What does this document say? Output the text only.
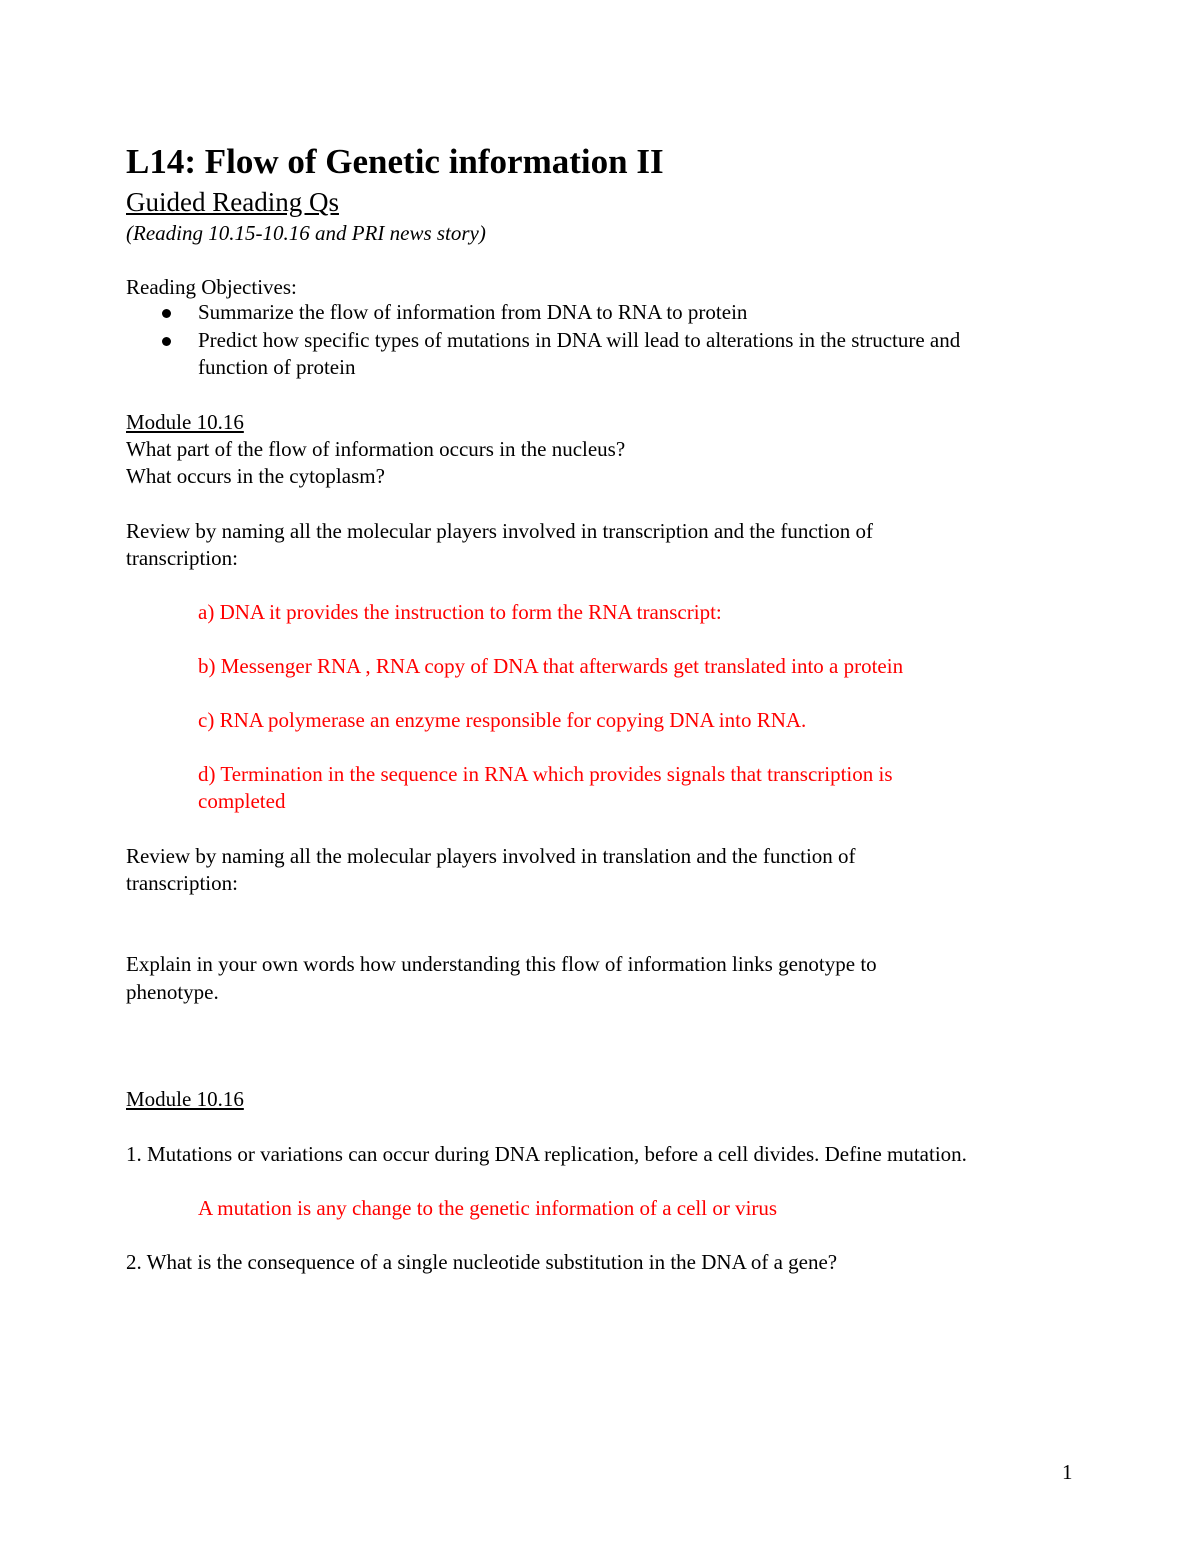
L14: Flow of Genetic information II
Guided Reading Qs
(Reading 10.15-10.16 and PRI news story)
Reading Objectives:
Summarize the flow of information from DNA to RNA to protein
Predict how specific types of mutations in DNA will lead to alterations in the structure and
function of protein
Module 10.16
What part of the flow of information occurs in the nucleus?
What occurs in the cytoplasm?
Review by naming all the molecular players involved in transcription and the function of
transcription:
a) DNA it provides the instruction to form the RNA transcript:
b) Messenger RNA , RNA copy of DNA that afterwards get translated into a protein
c) RNA polymerase an enzyme responsible for copying DNA into RNA.
d) Termination in the sequence in RNA which provides signals that transcription is
completed
Review by naming all the molecular players involved in translation and the function of
transcription:
Explain in your own words how understanding this flow of information links genotype to
phenotype.
Module 10.16
1. Mutations or variations can occur during DNA replication, before a cell divides. Define mutation.
A mutation is any change to the genetic information of a cell or virus
2. What is the consequence of a single nucleotide substitution in the DNA of a gene?
1
